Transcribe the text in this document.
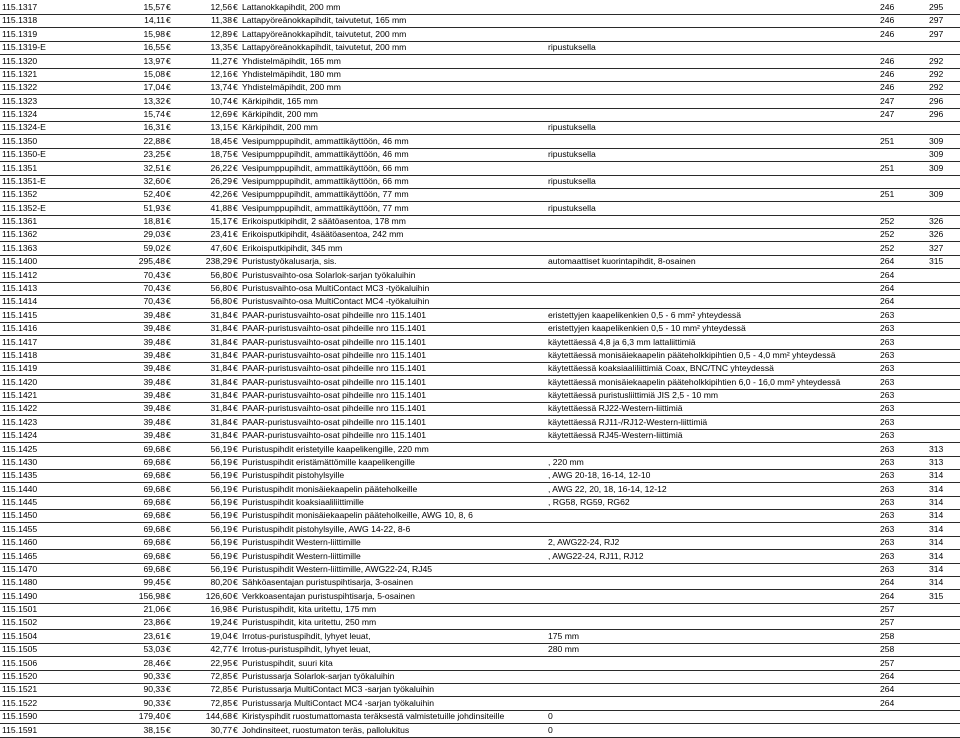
115.1317	15,57 €	12,56 € Lattanokkapihdit, 200 mm	246	295
115.1318	14,11 €	11,38 € Lattapyöreänokkapihdit, taivutetut, 165 mm	246	297
115.1319	15,98 €	12,89 € Lattapyöreänokkapihdit, taivutetut, 200 mm	246	297
115.1319-E	16,55 €	13,35 € Lattapyöreänokkapihdit, taivutetut, 200 mm	ripustuksella
115.1320	13,97 €	11,27 € Yhdistelmäpihdit, 165 mm	246	292
115.1321	15,08 €	12,16 € Yhdistelmäpihdit, 180 mm	246	292
115.1322	17,04 €	13,74 € Yhdistelmäpihdit, 200 mm	246	292
115.1323	13,32 €	10,74 € Kärkipihdit, 165 mm	247	296
115.1324	15,74 €	12,69 € Kärkipihdit, 200 mm	247	296
115.1324-E	16,31 €	13,15 € Kärkipihdit, 200 mm	ripustuksella
115.1350	22,88 €	18,45 € Vesipumppupihdit, ammattikäyttöön, 46 mm	251	309
115.1350-E	23,25 €	18,75 € Vesipumppupihdit, ammattikäyttöön, 46 mm	ripustuksella	309
115.1351	32,51 €	26,22 € Vesipumppupihdit, ammattikäyttöön, 66 mm	251	309
115.1351-E	32,60 €	26,29 € Vesipumppupihdit, ammattikäyttöön, 66 mm	ripustuksella
115.1352	52,40 €	42,26 € Vesipumppupihdit, ammattikäyttöön, 77 mm	251	309
115.1352-E	51,93 €	41,88 € Vesipumppupihdit, ammattikäyttöön, 77 mm	ripustuksella
115.1361	18,81 €	15,17 € Erikoisputkipihdit, 2 säätöasentoa, 178 mm	252	326
115.1362	29,03 €	23,41 € Erikoisputkipihdit, 4säätöasentoa, 242 mm	252	326
115.1363	59,02 €	47,60 € Erikoisputkipihdit, 345 mm	252	327
115.1400	295,48 €	238,29 € Puristustyökalusarja, sis.	automaattiset kuorintapihdit, 8-osainen	264	315
115.1412	70,43 €	56,80 € Puristusvaihto-osa Solarlok-sarjan työkaluihin	264
115.1413	70,43 €	56,80 € Puristusvaihto-osa MultiContact MC3 -työkaluihin	264
115.1414	70,43 €	56,80 € Puristusvaihto-osa MultiContact MC4 -työkaluihin	264
115.1415	39,48 €	31,84 € PAAR-puristusvaihto-osat pihdeille nro 115.1401	eristettyjen kaapelikenkien 0,5 - 6 mm² yhteydessä	263
115.1416	39,48 €	31,84 € PAAR-puristusvaihto-osat pihdeille nro 115.1401	eristettyjen kaapelikenkien 0,5 - 10 mm² yhteydessä	263
115.1417	39,48 €	31,84 € PAAR-puristusvaihto-osat pihdeille nro 115.1401	käytettäessä 4,8 ja 6,3 mm lattaliittimiä	263
115.1418	39,48 €	31,84 € PAAR-puristusvaihto-osat pihdeille nro 115.1401	käytettäessä monisäiekaapelin pääteholkkipihtien 0,5 - 4,0 mm² yhteydessä	263
115.1419	39,48 €	31,84 € PAAR-puristusvaihto-osat pihdeille nro 115.1401	käytettäessä koaksiaaliliittimiä Coax, BNC/TNC yhteydessä	263
115.1420	39,48 €	31,84 € PAAR-puristusvaihto-osat pihdeille nro 115.1401	käytettäessä monisäiekaapelin pääteholkkipihtien 6,0 - 16,0 mm² yhteydessä	263
115.1421	39,48 €	31,84 € PAAR-puristusvaihto-osat pihdeille nro 115.1401	käytettäessä puristusliittimiä JIS 2,5 - 10 mm	263
115.1422	39,48 €	31,84 € PAAR-puristusvaihto-osat pihdeille nro 115.1401	käytettäessä RJ22-Western-liittimiä	263
115.1423	39,48 €	31,84 € PAAR-puristusvaihto-osat pihdeille nro 115.1401	käytettäessä RJ11-/RJ12-Western-liittimiä	263
115.1424	39,48 €	31,84 € PAAR-puristusvaihto-osat pihdeille nro 115.1401	käytettäessä RJ45-Western-liittimiä	263
115.1425	69,68 €	56,19 € Puristuspihdit eristetyille kaapelikengille, 220 mm	263	313
115.1430	69,68 €	56,19 € Puristuspihdit eristämättömille kaapelikengille	, 220 mm	263	313
115.1435	69,68 €	56,19 € Puristuspihdit pistohylsyille	, AWG 20-18, 16-14, 12-10	263	314
115.1440	69,68 €	56,19 € Puristuspihdit monisäiekaapelin pääteholkeille	, AWG 22, 20, 18, 16-14, 12-12	263	314
115.1445	69,68 €	56,19 € Puristuspihdit koaksiaaliliittimille	, RG58, RG59, RG62	263	314
115.1450	69,68 €	56,19 € Puristuspihdit monisäiekaapelin pääteholkeille, AWG 10, 8, 6	263	314
115.1455	69,68 €	56,19 € Puristuspihdit pistohylsyille, AWG 14-22, 8-6	263	314
115.1460	69,68 €	56,19 € Puristuspihdit Western-liittimille	2, AWG22-24, RJ2	263	314
115.1465	69,68 €	56,19 € Puristuspihdit Western-liittimille	, AWG22-24, RJ11, RJ12	263	314
115.1470	69,68 €	56,19 € Puristuspihdit Western-liittimille, AWG22-24, RJ45	263	314
115.1480	99,45 €	80,20 € Sähköasentajan puristuspihtisarja, 3-osainen	264	314
115.1490	156,98 €	126,60 € Verkkoasentajan puristuspihtisarja, 5-osainen	264	315
115.1501	21,06 €	16,98 € Puristuspihdit, kita uritettu, 175 mm	257
115.1502	23,86 €	19,24 € Puristuspihdit, kita uritettu, 250 mm	257
115.1504	23,61 €	19,04 € Irrotus-puristuspihdit, lyhyet leuat,	175 mm	258
115.1505	53,03 €	42,77 € Irrotus-puristuspihdit, lyhyet leuat,	280 mm	258
115.1506	28,46 €	22,95 € Puristuspihdit, suuri kita	257
115.1520	90,33 €	72,85 € Puristussarja Solarlok-sarjan työkaluihin	264
115.1521	90,33 €	72,85 € Puristussarja MultiContact MC3 -sarjan työkaluihin	264
115.1522	90,33 €	72,85 € Puristussarja MultiContact MC4 -sarjan työkaluihin	264
115.1590	179,40 €	144,68 € Kiristyspihdit ruostumattomasta teräksestä valmistetuille johdinsiteille	0
115.1591	38,15 €	30,77 € Johdinsiteet, ruostumaton teräs, pallolukitus	0
